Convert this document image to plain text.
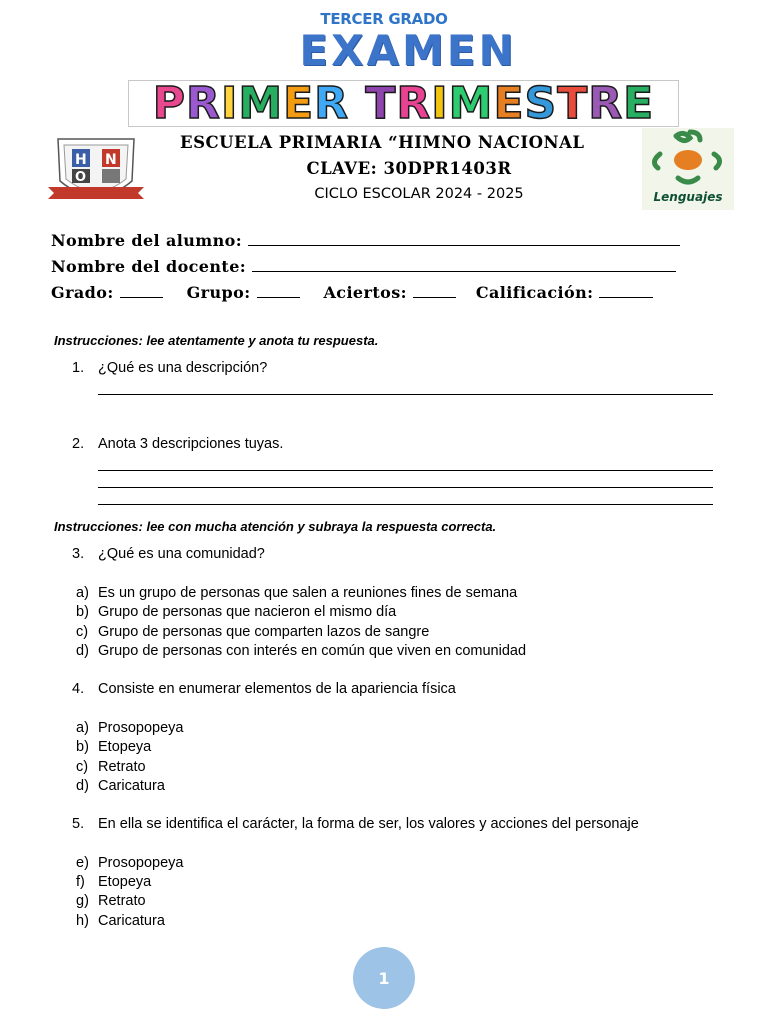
TERCER GRADO
EXAMEN
PRIMER TRIMESTRE
H N
O
ESCUELA PRIMARIA “HIMNO NACIONAL
CLAVE: 30DPR1403R
CICLO ESCOLAR 2024 - 2025	Lenguajes
Nombre del alumno:
Nombre del docente:
Grado:	Grupo:	Aciertos:	Calificación:
Instrucciones: lee atentamente y anota tu respuesta.
1. ¿Qué es una descripción?
2. Anota 3 descripciones tuyas.
Instrucciones: lee con mucha atención y subraya la respuesta correcta.
3. ¿Qué es una comunidad?
a) Es un grupo de personas que salen a reuniones fines de semana
b) Grupo de personas que nacieron el mismo día
c) Grupo de personas que comparten lazos de sangre
d) Grupo de personas con interés en común que viven en comunidad
4. Consiste en enumerar elementos de la apariencia física
a) Prosopopeya
b) Etopeya
c) Retrato
d) Caricatura
5. En ella se identifica el carácter, la forma de ser, los valores y acciones del personaje
e) Prosopopeya
f) Etopeya
g) Retrato
h) Caricatura
1
